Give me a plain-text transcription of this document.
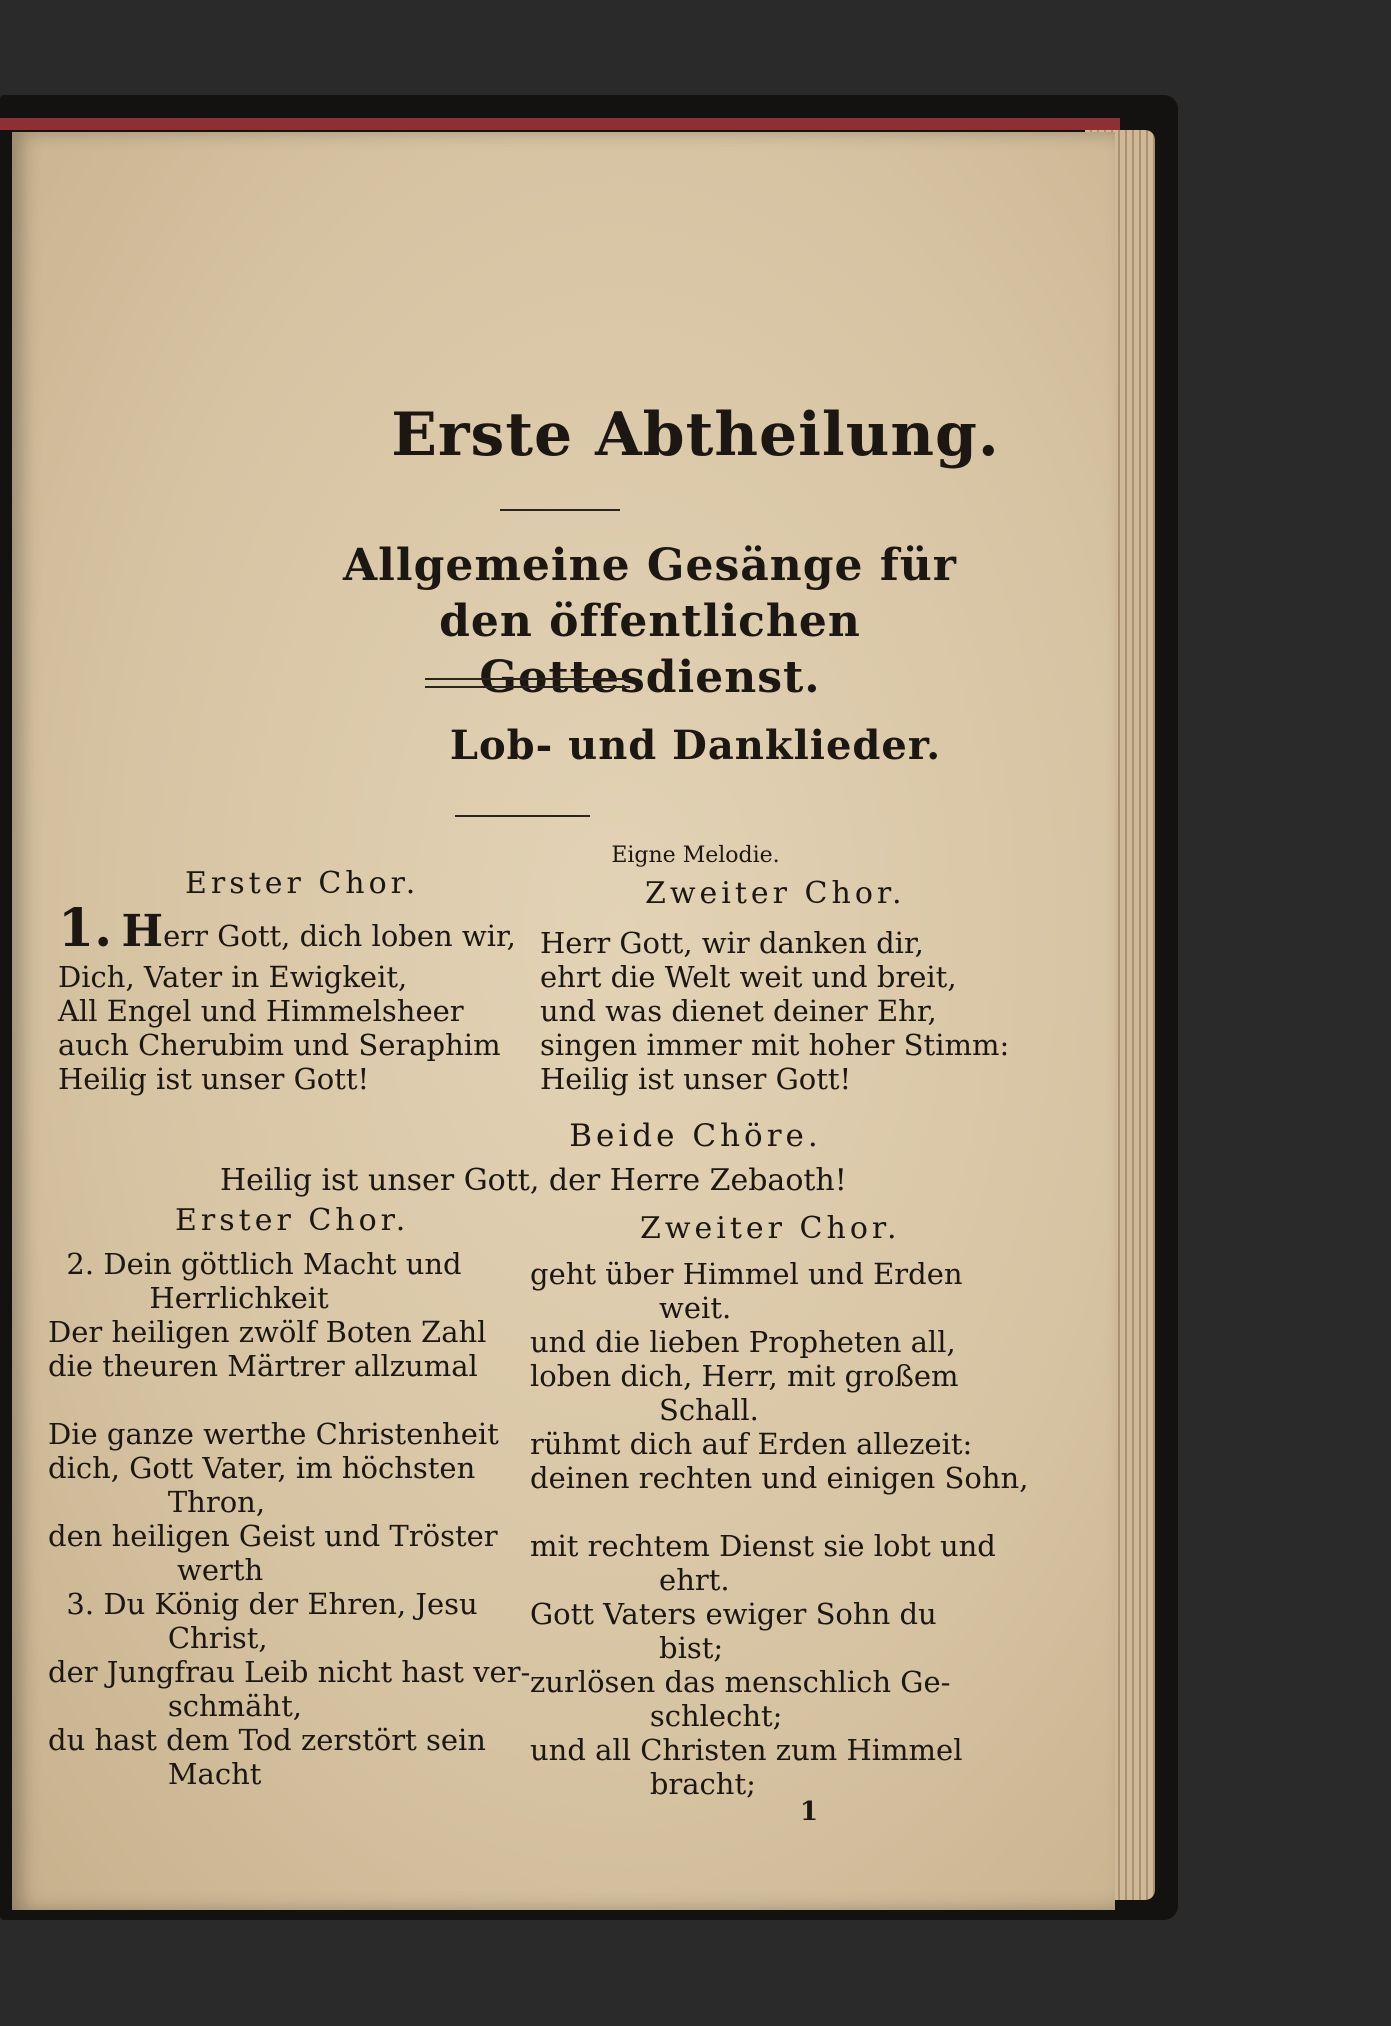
Erste Abtheilung.
Allgemeine Gesänge für den öffentlichen Gottesdienst.
Lob- und Danklieder.
Eigne Melodie.
Erster Chor.	Zweiter Chor.
1. Herr Gott, dich loben wir,
Dich, Vater in Ewigkeit,
All Engel und Himmelsheer
auch Cherubim und Seraphim
Heilig ist unser Gott!
Herr Gott, wir danken dir,
ehrt die Welt weit und breit,
und was dienet deiner Ehr,
singen immer mit hoher Stimm:
Heilig ist unser Gott!
Beide Chöre.
Heilig ist unser Gott, der Herre Zebaoth!
Erster Chor.	Zweiter Chor.
2. Dein göttlich Macht und
Herrlichkeit
Der heiligen zwölf Boten Zahl
die theuren Märtrer allzumal

Die ganze werthe Christenheit
dich, Gott Vater, im höchsten
Thron,
den heiligen Geist und Tröster
werth
3. Du König der Ehren, Jesu
Christ,
der Jungfrau Leib nicht hast ver-
schmäht,
du hast dem Tod zerstört sein
Macht
geht über Himmel und Erden
weit.
und die lieben Propheten all,
loben dich, Herr, mit großem
Schall.
rühmt dich auf Erden allezeit:
deinen rechten und einigen Sohn,

mit rechtem Dienst sie lobt und
ehrt.
Gott Vaters ewiger Sohn du
bist;
zurlösen das menschlich Ge-
schlecht;
und all Christen zum Himmel
bracht;
1
